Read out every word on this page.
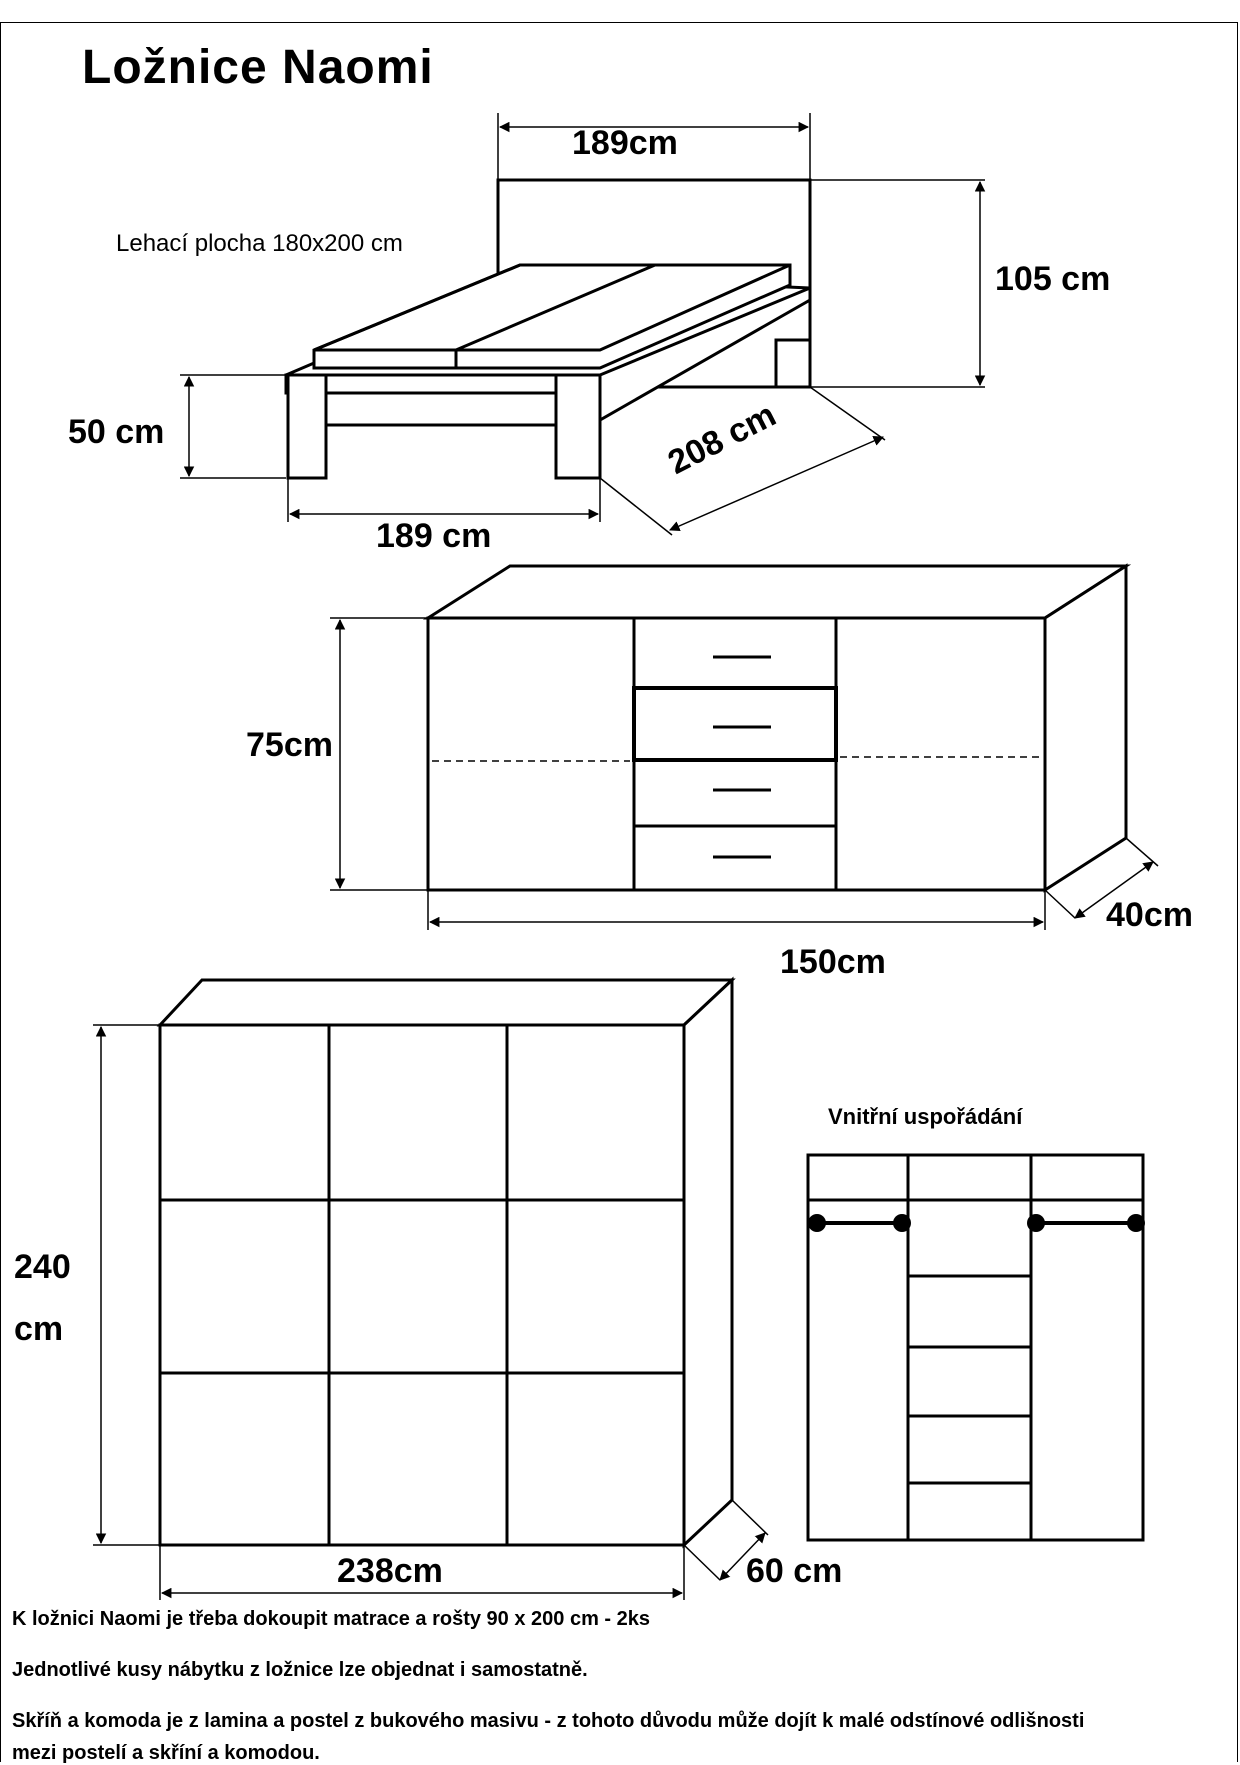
Ložnice Naomi
Lehací plocha 180x200 cm
189cm
105 cm
50 cm
189 cm
208 cm
75cm
150cm
40cm
240
cm
238cm	60 cm
Vnitřní uspořádání
K ložnici Naomi je třeba dokoupit matrace a rošty 90 x 200 cm - 2ks
Jednotlivé kusy nábytku z ložnice lze objednat i samostatně.
Skříň a komoda je z lamina a postel z bukového masivu - z tohoto důvodu může dojít k malé odstínové odlišnosti
mezi postelí a skříní a komodou.
